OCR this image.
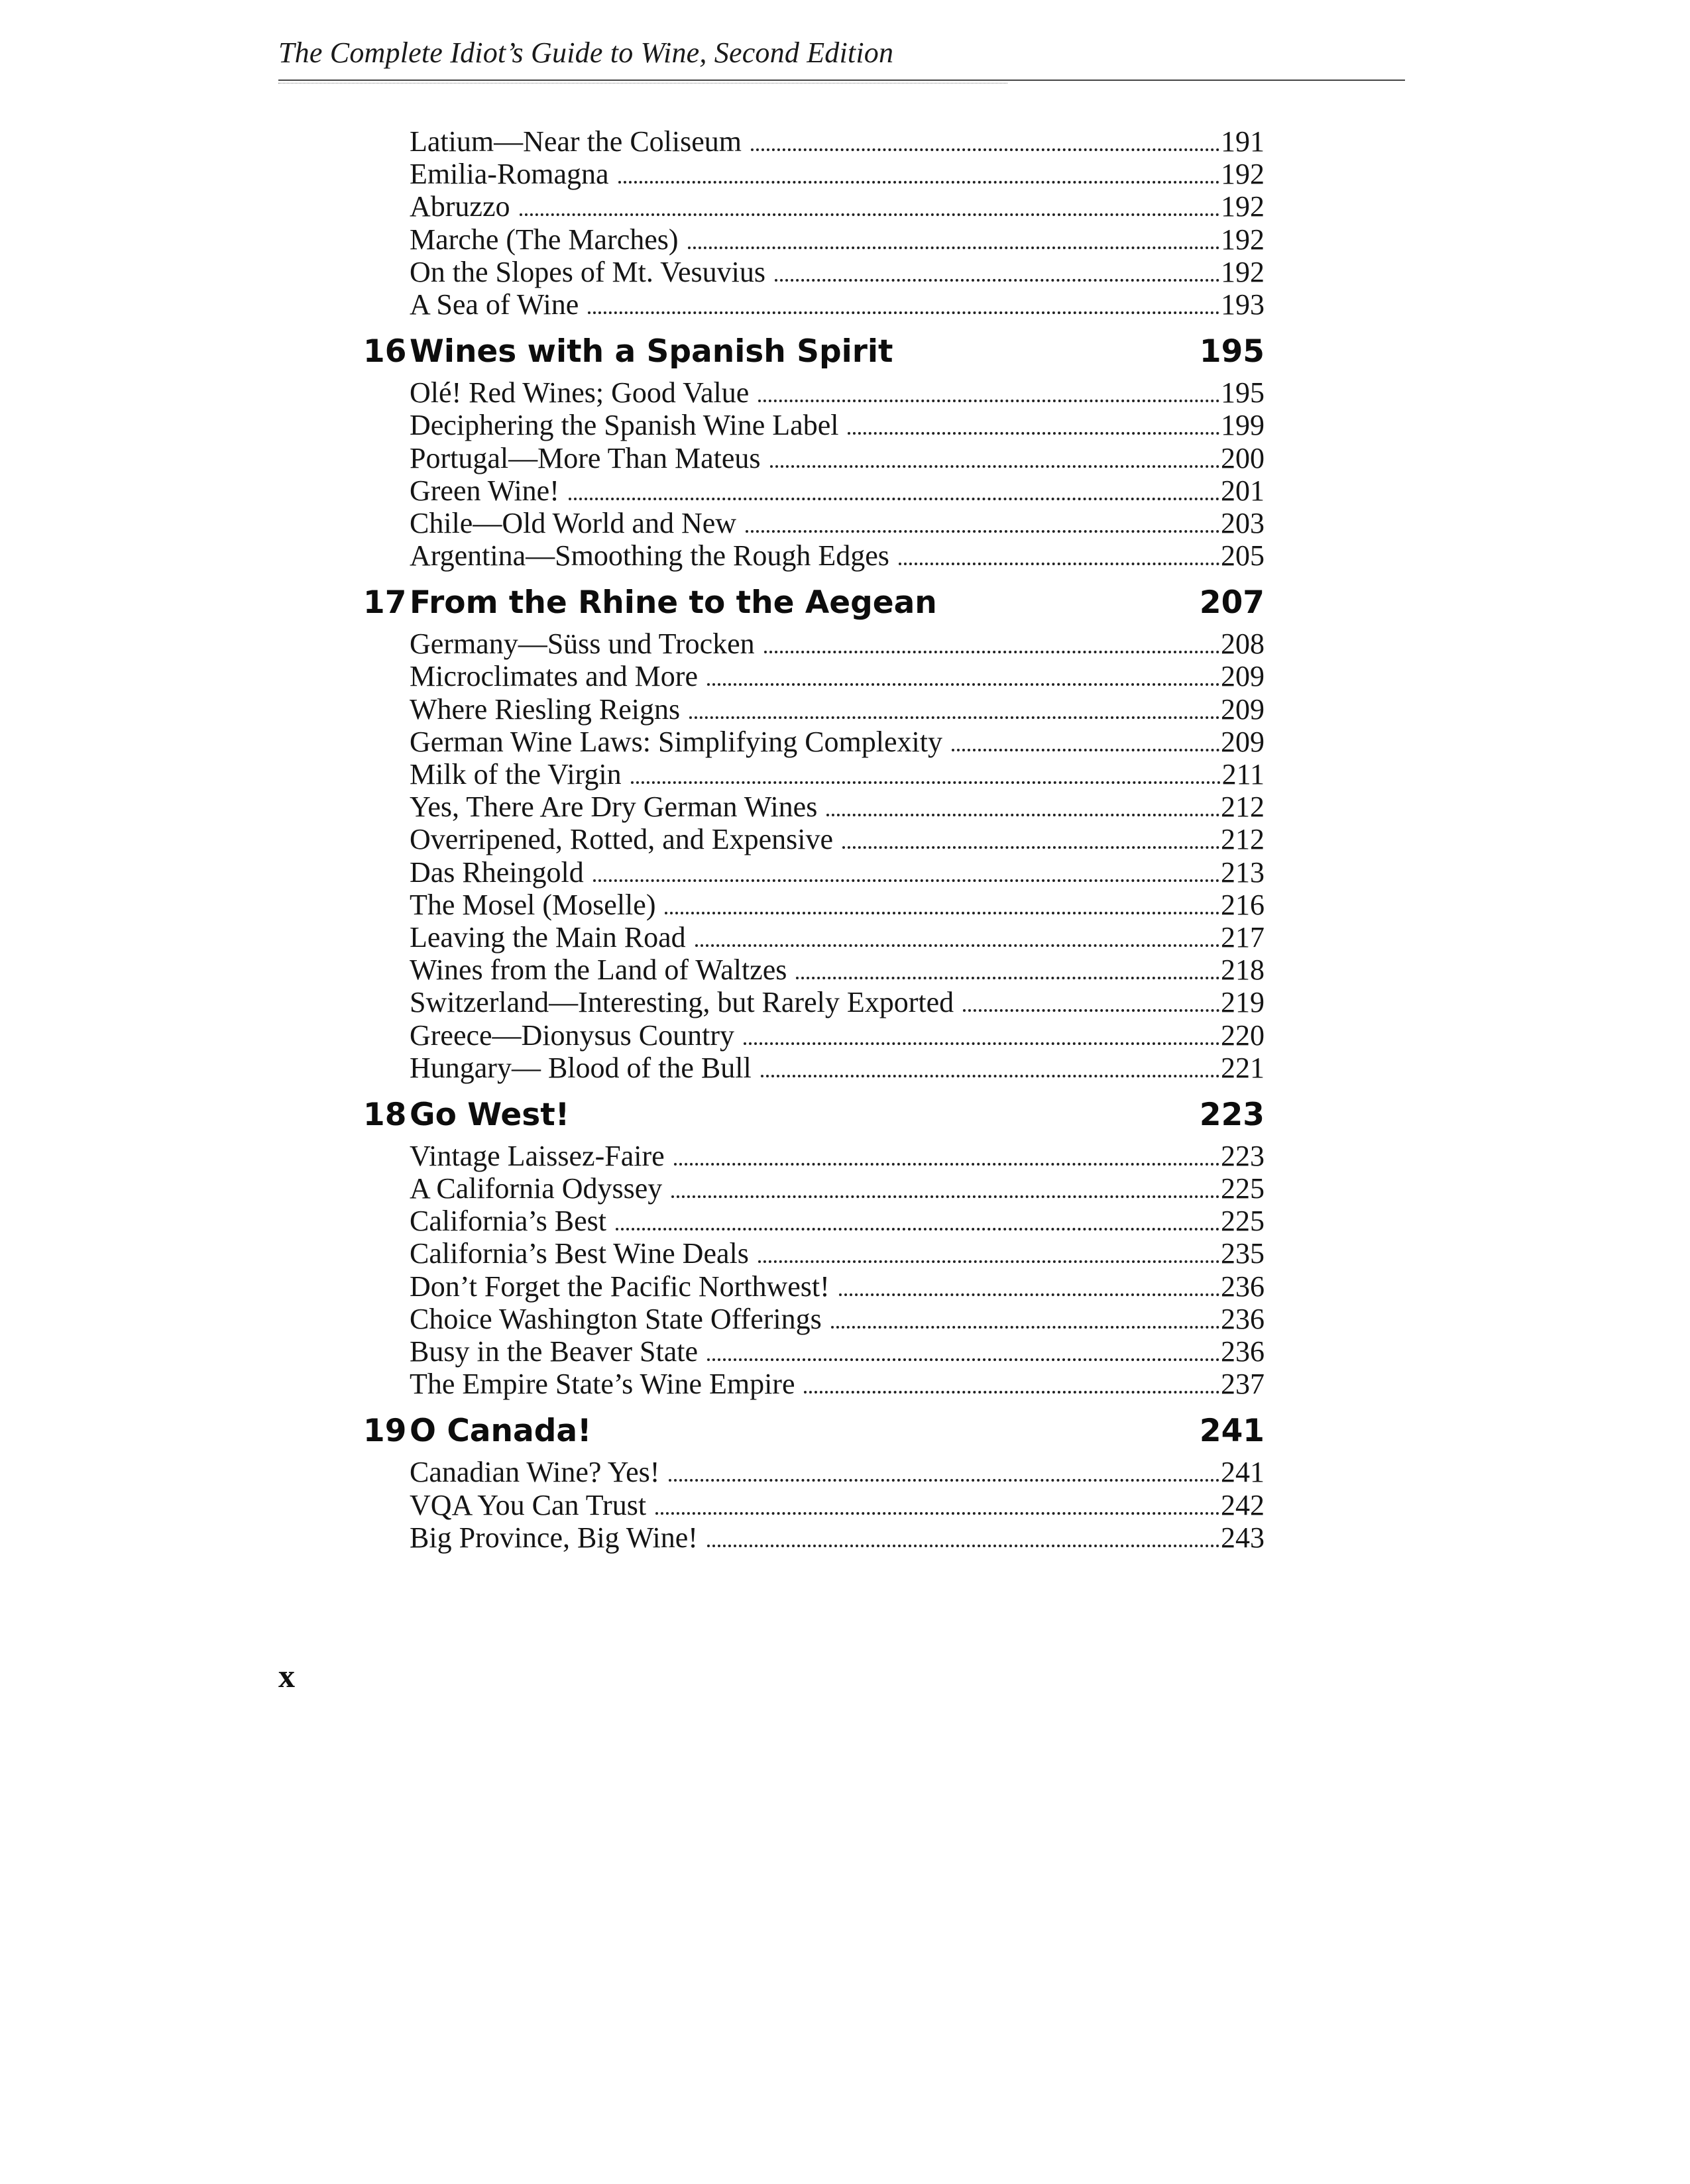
The Complete Idiot’s Guide to Wine, Second Edition
Latium—Near the Coliseum	191
Emilia-Romagna	192
Abruzzo	192
Marche (The Marches)	192
On the Slopes of Mt. Vesuvius	192
A Sea of Wine	193
16 Wines with a Spanish Spirit	195
Olé! Red Wines; Good Value	195
Deciphering the Spanish Wine Label	199
Portugal—More Than Mateus	200
Green Wine!	201
Chile—Old World and New	203
Argentina—Smoothing the Rough Edges	205
17 From the Rhine to the Aegean	207
Germany—Süss und Trocken	208
Microclimates and More	209
Where Riesling Reigns	209
German Wine Laws: Simplifying Complexity	209
Milk of the Virgin	211
Yes, There Are Dry German Wines	212
Overripened, Rotted, and Expensive	212
Das Rheingold	213
The Mosel (Moselle)	216
Leaving the Main Road	217
Wines from the Land of Waltzes	218
Switzerland—Interesting, but Rarely Exported	219
Greece—Dionysus Country	220
Hungary— Blood of the Bull	221
18 Go West!	223
Vintage Laissez-Faire	223
A California Odyssey	225
California’s Best	225
California’s Best Wine Deals	235
Don’t Forget the Pacific Northwest!	236
Choice Washington State Offerings	236
Busy in the Beaver State	236
The Empire State’s Wine Empire	237
19 O Canada!	241
Canadian Wine? Yes!	241
VQA You Can Trust	242
Big Province, Big Wine!	243
x
